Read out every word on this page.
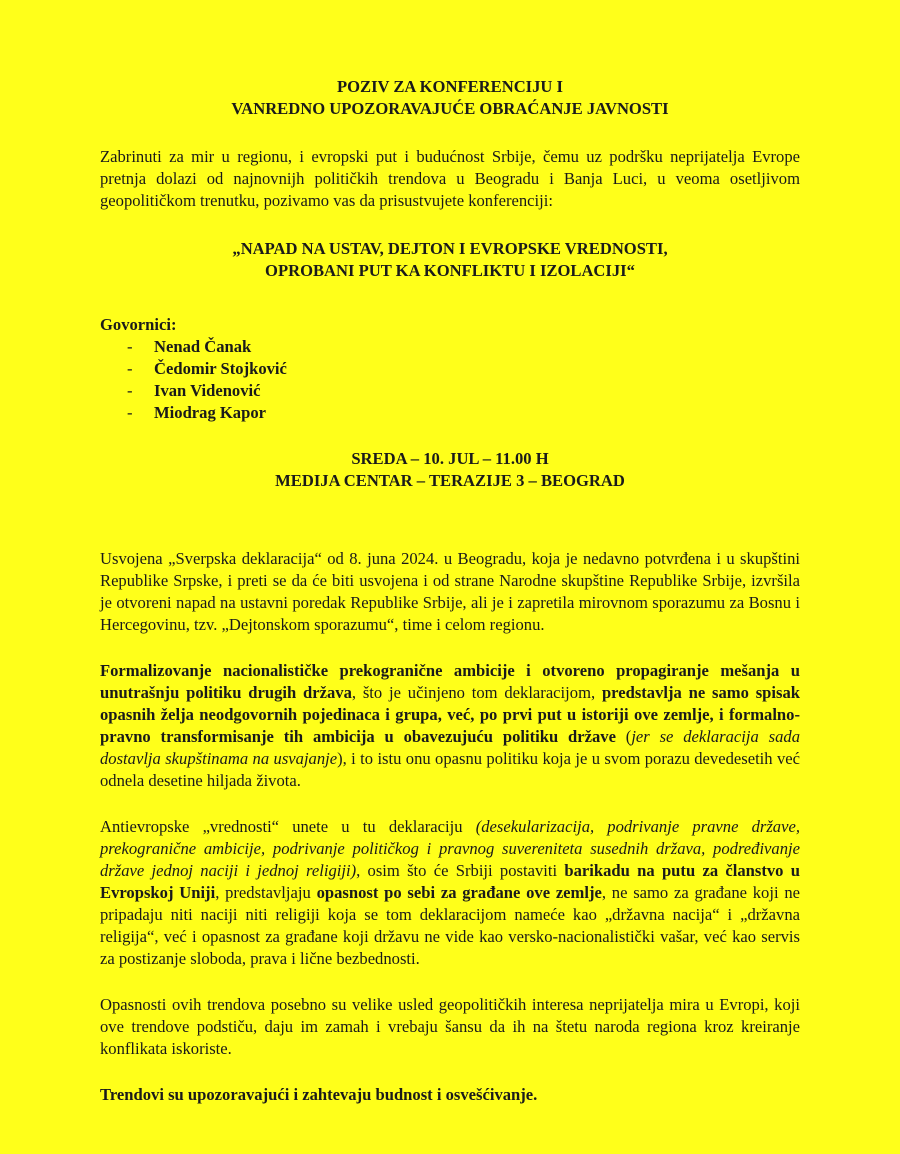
POZIV ZA KONFERENCIJU I
VANREDNO UPOZORAVAJUĆE OBRAĆANJE JAVNOSTI

Zabrinuti za mir u regionu, i evropski put i budućnost Srbije, čemu uz podršku neprijatelja Evrope pretnja dolazi od najnovnijh političkih trendova u Beogradu i Banja Luci, u veoma osetljivom geopolitičkom trenutku, pozivamo vas da prisustvujete konferenciji:

„NAPAD NA USTAV, DEJTON I EVROPSKE VREDNOSTI,
OPROBANI PUT KA KONFLIKTU I IZOLACIJI“
Govornici:
- Nenad Čanak
- Čedomir Stojković
- Ivan Videnović
- Miodrag Kapor
SREDA – 10. JUL – 11.00 H
MEDIJA CENTAR – TERAZIJE 3 – BEOGRAD

Usvojena „Sverpska deklaracija“ od 8. juna 2024. u Beogradu, koja je nedavno potvrđena i u skupštini Republike Srpske, i preti se da će biti usvojena i od strane Narodne skupštine Republike Srbije, izvršila je otvoreni napad na ustavni poredak Republike Srbije, ali je i zapretila mirovnom sporazumu za Bosnu i Hercegovinu, tzv. „Dejtonskom sporazumu“, time i celom regionu.

Formalizovanje nacionalističke prekogranične ambicije i otvoreno propagiranje mešanja u unutrašnju politiku drugih država, što je učinjeno tom deklaracijom, predstavlja ne samo spisak opasnih želja neodgovornih pojedinaca i grupa, već, po prvi put u istoriji ove zemlje, i formalno-pravno transformisanje tih ambicija u obavezujuću politiku države (jer se deklaracija sada dostavlja skupštinama na usvajanje), i to istu onu opasnu politiku koja je u svom porazu devedesetih već odnela desetine hiljada života.

Antievropske „vrednosti“ unete u tu deklaraciju (desekularizacija, podrivanje pravne države, prekogranične ambicije, podrivanje političkog i pravnog suvereniteta susednih država, podređivanje države jednoj naciji i jednoj religiji), osim što će Srbiji postaviti barikadu na putu za članstvo u Evropskoj Uniji, predstavljaju opasnost po sebi za građane ove zemlje, ne samo za građane koji ne pripadaju niti naciji niti religiji koja se tom deklaracijom nameće kao „državna nacija“ i „državna religija“, već i opasnost za građane koji državu ne vide kao versko-nacionalistički vašar, već kao servis za postizanje sloboda, prava i lične bezbednosti.

Opasnosti ovih trendova posebno su velike usled geopolitičkih interesa neprijatelja mira u Evropi, koji ove trendove podstiču, daju im zamah i vrebaju šansu da ih na štetu naroda regiona kroz kreiranje konflikata iskoriste.

Trendovi su upozoravajući i zahtevaju budnost i osvešćivanje.
